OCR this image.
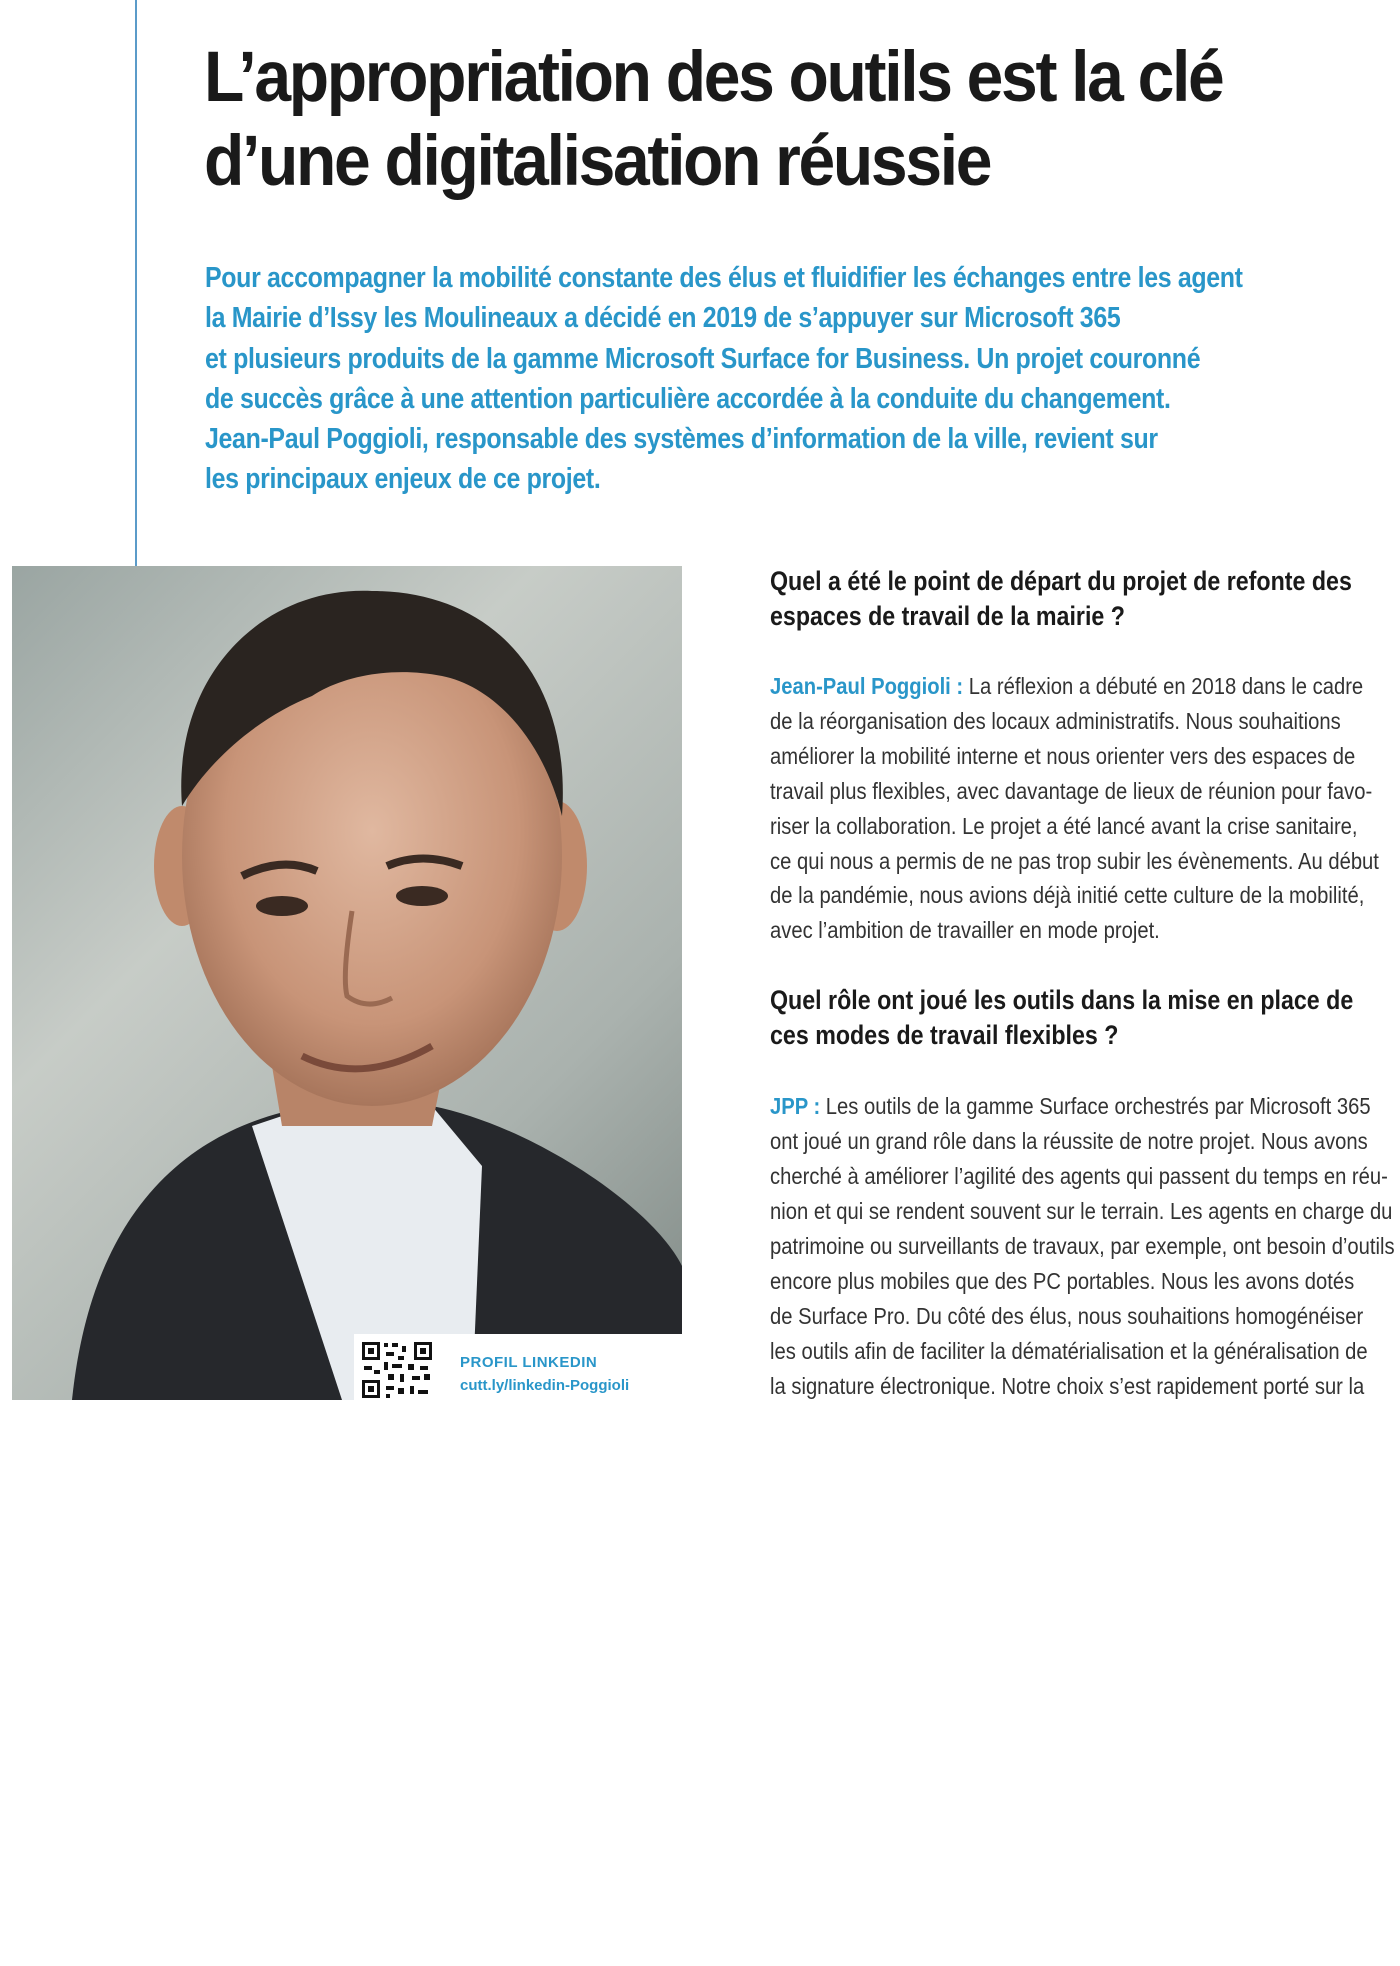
L’appropriation des outils est la clé
d’une digitalisation réussie
Pour accompagner la mobilité constante des élus et fluidifier les échanges entre les agent
la Mairie d’Issy les Moulineaux a décidé en 2019 de s’appuyer sur Microsoft 365
et plusieurs produits de la gamme Microsoft Surface for Business. Un projet couronné
de succès grâce à une attention particulière accordée à la conduite du changement.
Jean-Paul Poggioli, responsable des systèmes d’information de la ville, revient sur
les principaux enjeux de ce projet.
e Bauduin
PROFIL LINKEDIN
cutt.ly/linkedin-Poggioli
Quel a été le point de départ du projet de refonte des
espaces de travail de la mairie ?

Jean-Paul Poggioli : La réflexion a débuté en 2018 dans le cadre
de la réorganisation des locaux administratifs. Nous souhaitions
améliorer la mobilité interne et nous orienter vers des espaces de
travail plus flexibles, avec davantage de lieux de réunion pour favo-
riser la collaboration. Le projet a été lancé avant la crise sanitaire,
ce qui nous a permis de ne pas trop subir les évènements. Au début
de la pandémie, nous avions déjà initié cette culture de la mobilité,
avec l’ambition de travailler en mode projet.

Quel rôle ont joué les outils dans la mise en place de
ces modes de travail flexibles ?

JPP : Les outils de la gamme Surface orchestrés par Microsoft 365
ont joué un grand rôle dans la réussite de notre projet. Nous avons
cherché à améliorer l’agilité des agents qui passent du temps en réu-
nion et qui se rendent souvent sur le terrain. Les agents en charge du
patrimoine ou surveillants de travaux, par exemple, ont besoin d’outils
encore plus mobiles que des PC portables. Nous les avons dotés
de Surface Pro. Du côté des élus, nous souhaitions homogénéiser
les outils afin de faciliter la dématérialisation et la généralisation de
la signature électronique. Notre choix s’est rapidement porté sur la
